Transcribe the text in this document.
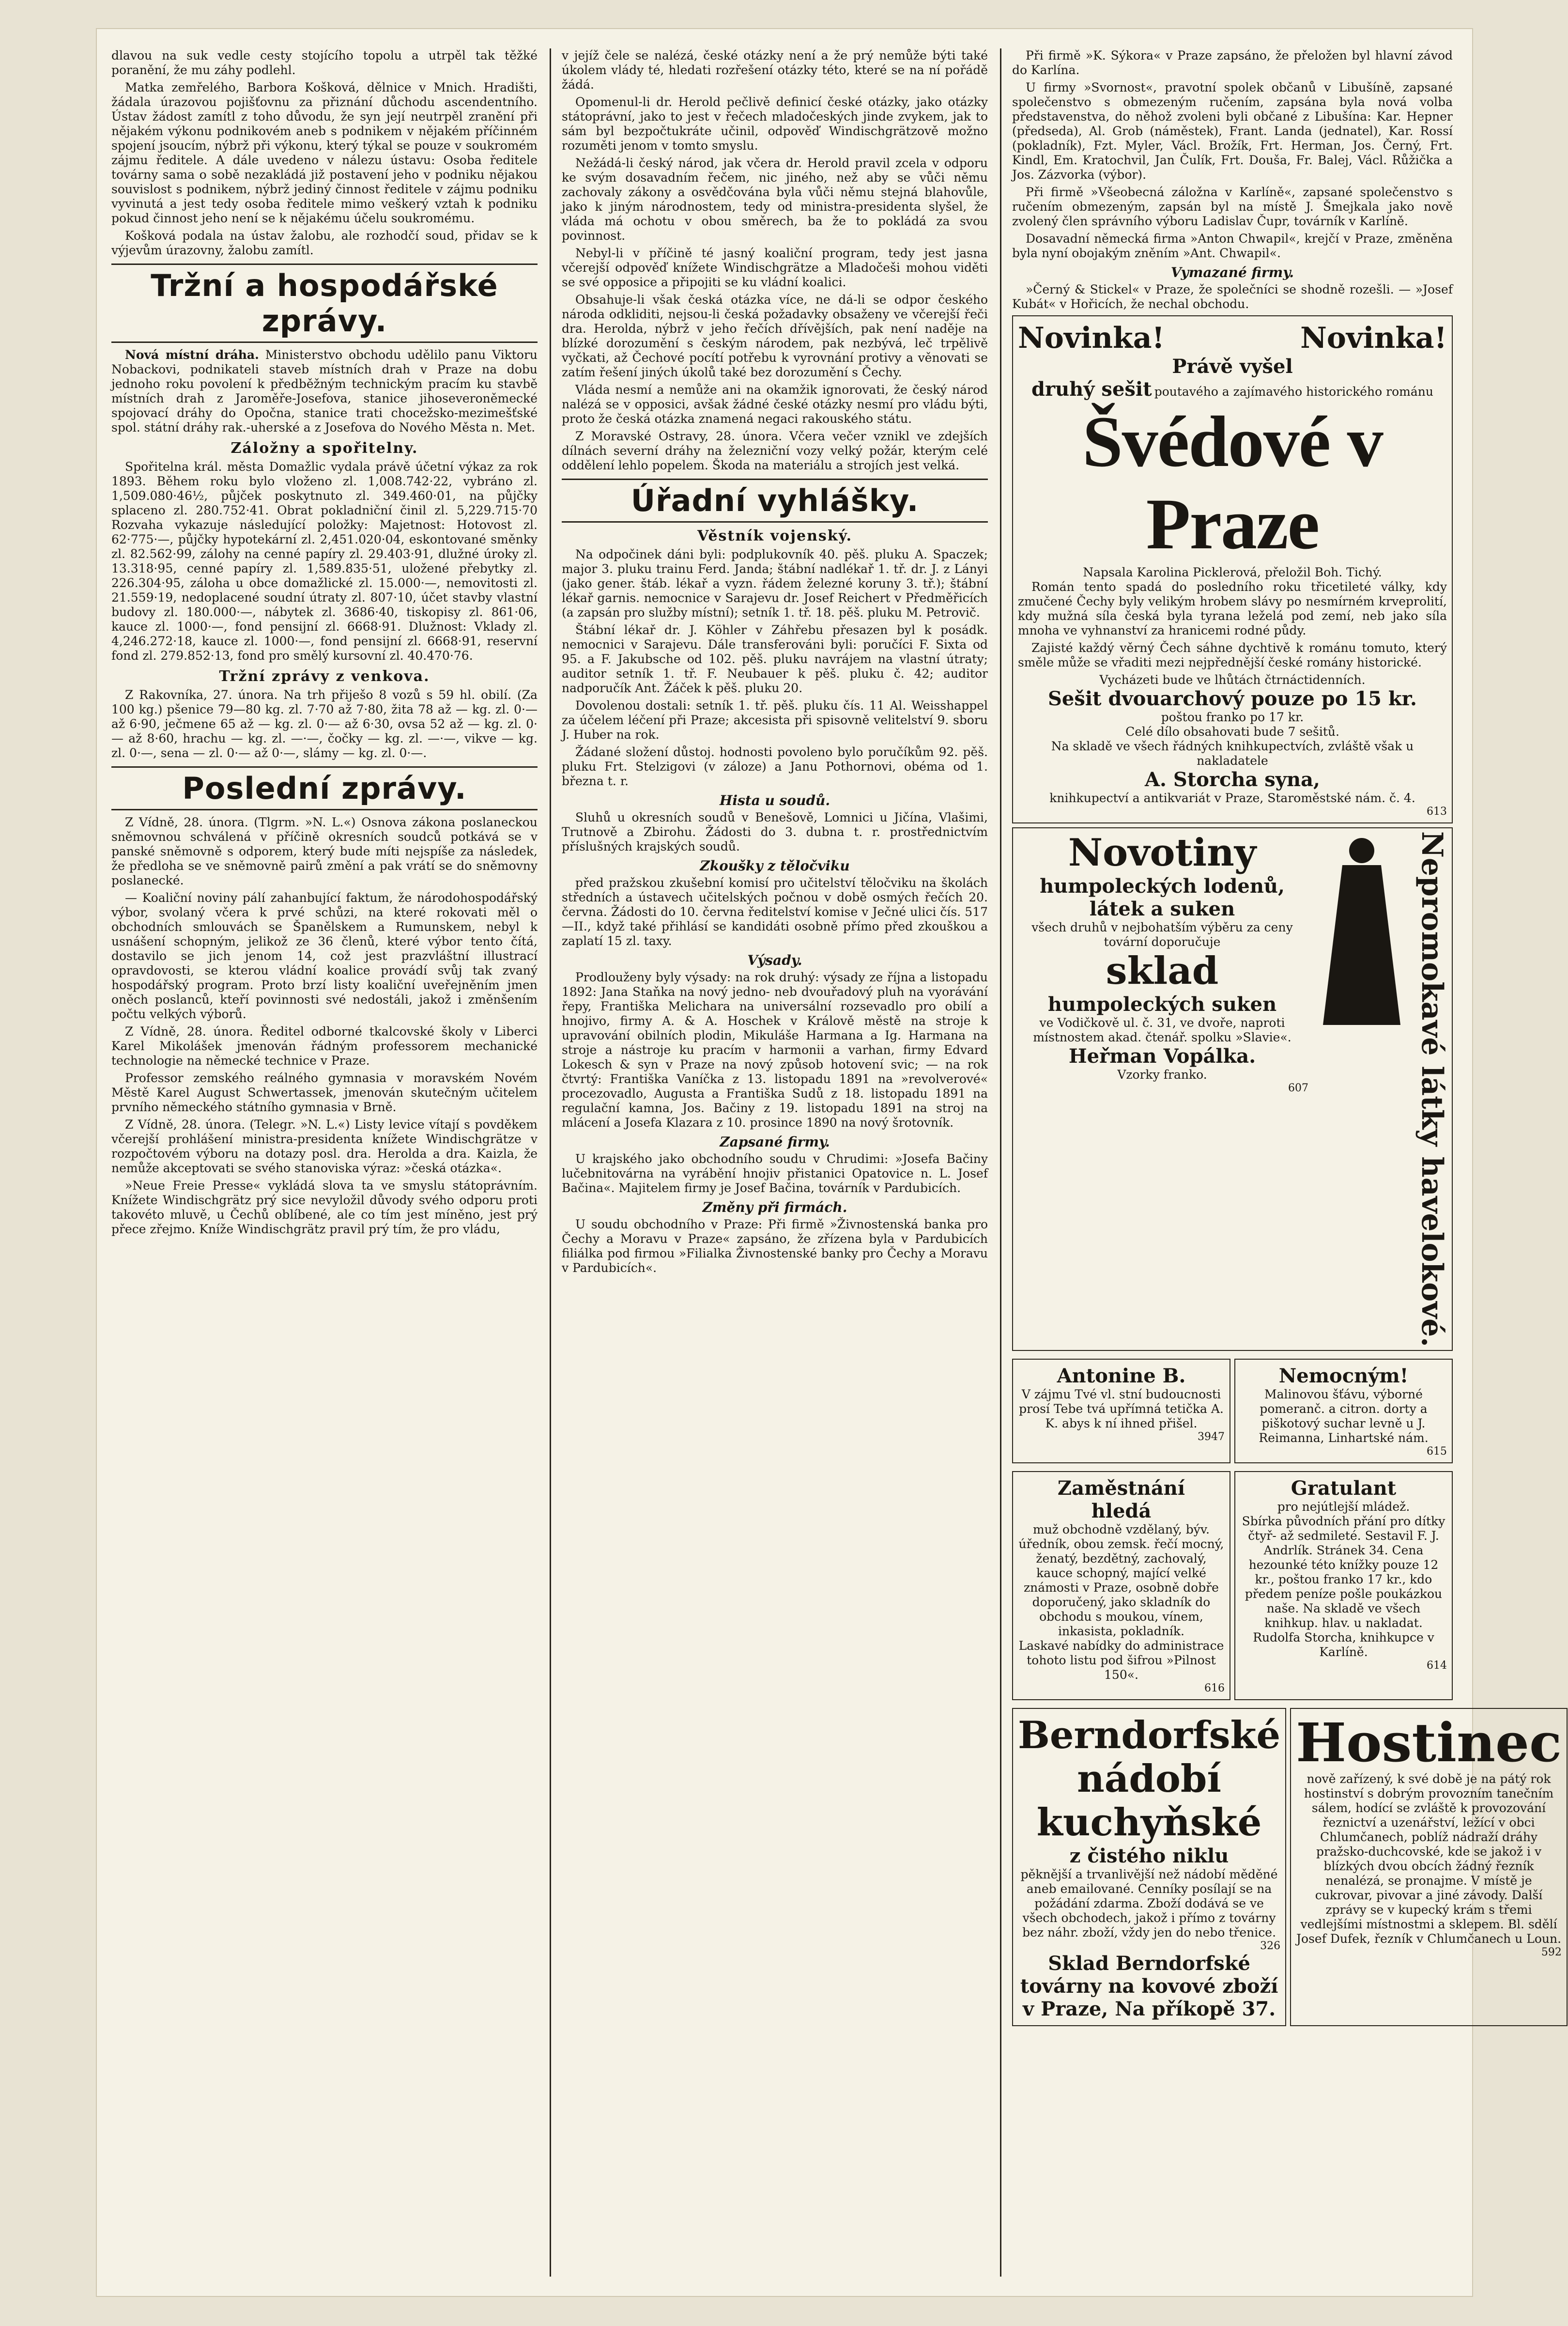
dlavou na suk vedle cesty stojícího topolu a utrpěl tak těžké poranění, že mu záhy podlehl.

Matka zemřelého, Barbora Košková, dělnice v Mnich. Hradišti, žádala úrazovou pojišťovnu za přiznání důchodu ascendentního. Ústav žádost zamítl z toho důvodu, že syn její neutrpěl zranění při nějakém výkonu podnikovém aneb s podnikem v nějakém příčinném spojení jsoucím, nýbrž při výkonu, který týkal se pouze v soukromém zájmu ředitele. A dále uvedeno v nálezu ústavu: Osoba ředitele továrny sama o sobě nezakládá již postavení jeho v podniku nějakou souvislost s podnikem, nýbrž jediný činnost ředitele v zájmu podniku vyvinutá a jest tedy osoba ředitele mimo veškerý vztah k podniku pokud činnost jeho není se k nějakému účelu soukromému.

Košková podala na ústav žalobu, ale rozhodčí soud, přidav se k výjevům úrazovny, žalobu zamítl.

Tržní a hospodářské zprávy.

Nová místní dráha. Ministerstvo obchodu udělilo panu Viktoru Nobackovi, podnikateli staveb místních drah v Praze na dobu jednoho roku povolení k předběžným technickým pracím ku stavbě místních drah z Jaroměře-Josefova, stanice jihoseveroněmecké spojovací dráhy do Opočna, stanice trati chocežsko-mezimešťské spol. státní dráhy rak.-uherské a z Josefova do Nového Města n. Met.

Záložny a spořitelny.

Spořitelna král. města Domažlic vydala právě účetní výkaz za rok 1893. Během roku bylo vloženo zl. 1,008.742·22, vybráno zl. 1,509.080·46½, půjček poskytnuto zl. 349.460·01, na půjčky splaceno zl. 280.752·41. Obrat pokladniční činil zl. 5,229.715·70 Rozvaha vykazuje následující položky: Majetnost: Hotovost zl. 62·775·—, půjčky hypotekární zl. 2,451.020·04, eskontované směnky zl. 82.562·99, zálohy na cenné papíry zl. 29.403·91, dlužné úroky zl. 13.318·95, cenné papíry zl. 1,589.835·51, uložené přebytky zl. 226.304·95, záloha u obce domažlické zl. 15.000·—, nemovitosti zl. 21.559·19, nedoplacené soudní útraty zl. 807·10, účet stavby vlastní budovy zl. 180.000·—, nábytek zl. 3686·40, tiskopisy zl. 861·06, kauce zl. 1000·—, fond pensijní zl. 6668·91. Dlužnost: Vklady zl. 4,246.272·18, kauce zl. 1000·—, fond pensijní zl. 6668·91, reservní fond zl. 279.852·13, fond pro smělý kursovní zl. 40.470·76.

Tržní zprávy z venkova.

Z Rakovníka, 27. února. Na trh přiješo 8 vozů s 59 hl. obilí. (Za 100 kg.) pšenice 79—80 kg. zl. 7·70 až 7·80, žita 78 až — kg. zl. 0·— až 6·90, ječmene 65 až — kg. zl. 0·— až 6·30, ovsa 52 až — kg. zl. 0·— až 8·60, hrachu — kg. zl. —·—, čočky — kg. zl. —·—, vikve — kg. zl. 0·—, sena — zl. 0·— až 0·—, slámy — kg. zl. 0·—.

Poslední zprávy.

Z Vídně, 28. února. (Tlgrm. »N. L.«) Osnova zákona poslaneckou sněmovnou schválená v příčině okresních soudců potkává se v panské sněmovně s odporem, který bude míti nejspíše za následek, že předloha se ve sněmovně pairů změní a pak vrátí se do sněmovny poslanecké.

— Koaliční noviny pálí zahanbující faktum, že národohospodářský výbor, svolaný včera k prvé schůzi, na které rokovati měl o obchodních smlouvách se Španělskem a Rumunskem, nebyl k usnášení schopným, jelikož ze 36 členů, které výbor tento čítá, dostavilo se jich jenom 14, což jest prazvláštní illustrací opravdovosti, se kterou vládní koalice provádí svůj tak zvaný hospodářský program. Proto brzí listy koaliční uveřejněním jmen oněch poslanců, kteří povinnosti své nedostáli, jakož i změnšením počtu velkých výborů.

Z Vídně, 28. února. Ředitel odborné tkalcovské školy v Liberci Karel Mikolášek jmenován řádným professorem mechanické technologie na německé technice v Praze.

Professor zemského reálného gymnasia v moravském Novém Městě Karel August Schwertassek, jmenován skutečným učitelem prvního německého státního gymnasia v Brně.

Z Vídně, 28. února. (Telegr. »N. L.«) Listy levice vítají s povděkem včerejší prohlášení ministra-presidenta knížete Windischgrätze v rozpočtovém výboru na dotazy posl. dra. Herolda a dra. Kaizla, že nemůže akceptovati se svého stanoviska výraz: »česká otázka«.

»Neue Freie Presse« vykládá slova ta ve smyslu státoprávním. Knížete Windischgrätz prý sice nevyložil důvody svého odporu proti takovéto mluvě, u Čechů oblíbené, ale co tím jest míněno, jest prý přece zřejmo. Kníže Windischgrätz pravil prý tím, že pro vládu,

v jejíž čele se nalézá, české otázky není a že prý nemůže býti také úkolem vlády té, hledati rozřešení otázky této, které se na ní pořádě žádá.

Opomenul-li dr. Herold pečlivě definicí české otázky, jako otázky státoprávní, jako to jest v řečech mladočeských jinde zvykem, jak to sám byl bezpočtukráte učinil, odpověď Windischgrätzově možno rozuměti jenom v tomto smyslu.

Nežádá-li český národ, jak včera dr. Herold pravil zcela v odporu ke svým dosavadním řečem, nic jiného, než aby se vůči němu zachovaly zákony a osvědčována byla vůči němu stejná blahovůle, jako k jiným národnostem, tedy od ministra-presidenta slyšel, že vláda má ochotu v obou směrech, ba že to pokládá za svou povinnost.

Nebyl-li v příčině té jasný koaliční program, tedy jest jasna včerejší odpověď knížete Windischgrätze a Mladočeši mohou viděti se své opposice a připojiti se ku vládní koalici.

Obsahuje-li však česká otázka více, ne dá-li se odpor českého národa odkliditi, nejsou-li česká požadavky obsaženy ve včerejší řeči dra. Herolda, nýbrž v jeho řečích dřívějších, pak není naděje na blízké dorozumění s českým národem, pak nezbývá, leč trpělivě vyčkati, až Čechové pocítí potřebu k vyrovnání protivy a věnovati se zatím řešení jiných úkolů také bez dorozumění s Čechy.

Vláda nesmí a nemůže ani na okamžik ignorovati, že český národ nalézá se v opposici, avšak žádné české otázky nesmí pro vládu býti, proto že česká otázka znamená negaci rakouského státu.

Z Moravské Ostravy, 28. února. Včera večer vznikl ve zdejších dílnách severní dráhy na železniční vozy velký požár, kterým celé oddělení lehlo popelem. Škoda na materiálu a strojích jest velká.

Úřadní vyhlášky.
Věstník vojenský.

Na odpočinek dáni byli: podplukovník 40. pěš. pluku A. Spaczek; major 3. pluku trainu Ferd. Janda; štábní nadlékař 1. tř. dr. J. z Lányi (jako gener. štáb. lékař a vyzn. řádem železné koruny 3. tř.); štábní lékař garnis. nemocnice v Sarajevu dr. Josef Reichert v Předměřicích (a zapsán pro služby místní); setník 1. tř. 18. pěš. pluku M. Petrovič.

Štábní lékař dr. J. Köhler v Záhřebu přesazen byl k posádk. nemocnici v Sarajevu. Dále transferováni byli: poručíci F. Sixta od 95. a F. Jakubsche od 102. pěš. pluku navrájem na vlastní útraty; auditor setník 1. tř. F. Neubauer k pěš. pluku č. 42; auditor nadporučík Ant. Žáček k pěš. pluku 20.

Dovolenou dostali: setník 1. tř. pěš. pluku čís. 11 Al. Weisshappel za účelem léčení při Praze; akcesista při spisovně velitelství 9. sboru J. Huber na rok.

Žádané složení důstoj. hodnosti povoleno bylo poručíkům 92. pěš. pluku Frt. Stelzigovi (v záloze) a Janu Pothornovi, obéma od 1. března t. r.

Hista u soudů.

Sluhů u okresních soudů v Benešově, Lomnici u Jičína, Vlašimi, Trutnově a Zbirohu. Žádosti do 3. dubna t. r. prostřednictvím příslušných krajských soudů.

Zkoušky z těločviku

před pražskou zkušební komisí pro učitelství těločviku na školách středních a ústavech učitelských počnou v době osmých řečích 20. června. Žádosti do 10. června ředitelství komise v Ječné ulici čís. 517—II., když také přihlásí se kandidáti osobně přímo před zkouškou a zaplatí 15 zl. taxy.

Výsady.

Prodlouženy byly výsady: na rok druhý: výsady ze října a listopadu 1892: Jana Staňka na nový jedno- neb dvouřadový pluh na vyorávání řepy, Františka Melichara na universální rozsevadlo pro obilí a hnojivo, firmy A. & A. Hoschek v Králově městě na stroje k upravování obilních plodin, Mikuláše Harmana a Ig. Harmana na stroje a nástroje ku pracím v harmonii a varhan, firmy Edvard Lokesch & syn v Praze na nový způsob hotovení svic; — na rok čtvrtý: Františka Vaníčka z 13. listopadu 1891 na »revolverové« procezovadlo, Augusta a Františka Sudů z 18. listopadu 1891 na regulační kamna, Jos. Bačiny z 19. listopadu 1891 na stroj na mlácení a Josefa Klazara z 10. prosince 1890 na nový šrotovník.

Zapsané firmy.

U krajského jako obchodního soudu v Chrudimi: »Josefa Bačiny lučebnitovárna na vyrábění hnojiv přistanici Opatovice n. L. Josef Bačina«. Majitelem firmy je Josef Bačina, továrník v Pardubicích.

Změny při firmách.

U soudu obchodního v Praze: Při firmě »Živnostenská banka pro Čechy a Moravu v Praze« zapsáno, že zřízena byla v Pardubicích filiálka pod firmou »Filialka Živnostenské banky pro Čechy a Moravu v Pardubicích«.

Při firmě »K. Sýkora« v Praze zapsáno, že přeložen byl hlavní závod do Karlína.

U firmy »Svornost«, pravotní spolek občanů v Libušíně, zapsané společenstvo s obmezeným ručením, zapsána byla nová volba představenstva, do něhož zvoleni byli občané z Libušína: Kar. Hepner (předseda), Al. Grob (náměstek), Frant. Landa (jednatel), Kar. Rossí (pokladník), Fzt. Myler, Václ. Brožík, Frt. Herman, Jos. Černý, Frt. Kindl, Em. Kratochvil, Jan Čulík, Frt. Douša, Fr. Balej, Václ. Růžička a Jos. Zázvorka (výbor).

Při firmě »Všeobecná záložna v Karlíně«, zapsané společenstvo s ručením obmezeným, zapsán byl na místě J. Šmejkala jako nově zvolený člen správního výboru Ladislav Čupr, továrník v Karlíně.

Dosavadní německá firma »Anton Chwapil«, krejčí v Praze, změněna byla nyní obojakým zněním »Ant. Chwapil«.

Vymazané firmy.

»Černý & Stickel« v Praze, že společníci se shodně rozešli. — »Josef Kubát« v Hořicích, že nechal obchodu.

Novinka!	Novinka!
Právě vyšel
druhý sešit poutavého a zajímavého historického románu
Švédové v Praze
Napsala Karolina Picklerová, přeložil Boh. Tichý.

Román tento spadá do posledního roku třicetileté války, kdy zmučené Čechy byly velikým hrobem slávy po nesmírném krveprolití, kdy mužná síla česká byla tyrana leželá pod zemí, neb jako síla mnoha ve vyhnanství za hranicemi rodné půdy.

Zajisté každý věrný Čech sáhne dychtivě k románu tomuto, který směle může se vřaditi mezi nejpřednější české romány historické.

Vycházeti bude ve lhůtách čtrnáctidenních.
Sešit dvouarchový pouze po 15 kr.
poštou franko po 17 kr.
Celé dílo obsahovati bude 7 sešitů.
Na skladě ve všech řádných knihkupectvích, zvláště však u nakladatele
A. Storcha syna,
knihkupectví a antikvariát v Praze, Staroměstské nám. č. 4.
613
Novotiny
humpoleckých lodenů, látek a suken
všech druhů v nejbohatším výběru za ceny tovární doporučuje
sklad
humpoleckých suken
ve Vodičkově ul. č. 31, ve dvoře, naproti místnostem akad. čtenář. spolku »Slavie«.
Heřman Vopálka.
Vzorky franko.
607	Nepromokavé látky havelokové.
Antonine B.
V zájmu Tvé vl. stní budoucnosti prosí Tebe tvá upřímná tetička A. K. abys k ní ihned přišel.
3947
Nemocným!
Malinovou šťávu, výborné pomeranč. a citron. dorty a piškotový suchar levně u J. Reimanna, Linhartské nám.
615
Zaměstnání
hledá
muž obchodně vzdělaný, býv. úředník, obou zemsk. řečí mocný, ženatý, bezdětný, zachovalý, kauce schopný, mající velké známosti v Praze, osobně dobře doporučený, jako skladník do obchodu s moukou, vínem, inkasista, pokladník.
Laskavé nabídky do administrace tohoto listu pod šifrou »Pilnost 150«.
616
Gratulant
pro nejútlejší mládež.
Sbírka původních přání pro dítky čtyř- až sedmileté. Sestavil F. J. Andrlík. Stránek 34. Cena hezounké této knížky pouze 12 kr., poštou franko 17 kr., kdo předem peníze pošle poukázkou naše. Na skladě ve všech knihkup. hlav. u nakladat. Rudolfa Storcha, knihkupce v Karlíně.
614
Berndorfské
nádobí
kuchyňské
z čistého niklu
pěknější a trvanlivější než nádobí měděné aneb emailované. Cenníky posílají se na požádání zdarma. Zboží dodává se ve všech obchodech, jakož i přímo z továrny bez náhr. zboží, vždy jen do nebo třenice.
326
Sklad Berndorfské továrny na kovové zboží v Praze, Na příkopě 37.
Hostinec
nově zařízený, k své době je na pátý rok hostinství s dobrým provozním tanečním sálem, hodící se zvláště k provozování řeznictví a uzenářství, ležící v obci Chlumčanech, poblíž nádraží dráhy pražsko-duchcovské, kde se jakož i v blízkých dvou obcích žádný řezník nenalézá, se pronajme. V místě je cukrovar, pivovar a jiné závody. Další zprávy se v kupecký krám s třemi vedlejšími místnostmi a sklepem. Bl. sdělí Josef Dufek, řezník v Chlumčanech u Loun.
592
